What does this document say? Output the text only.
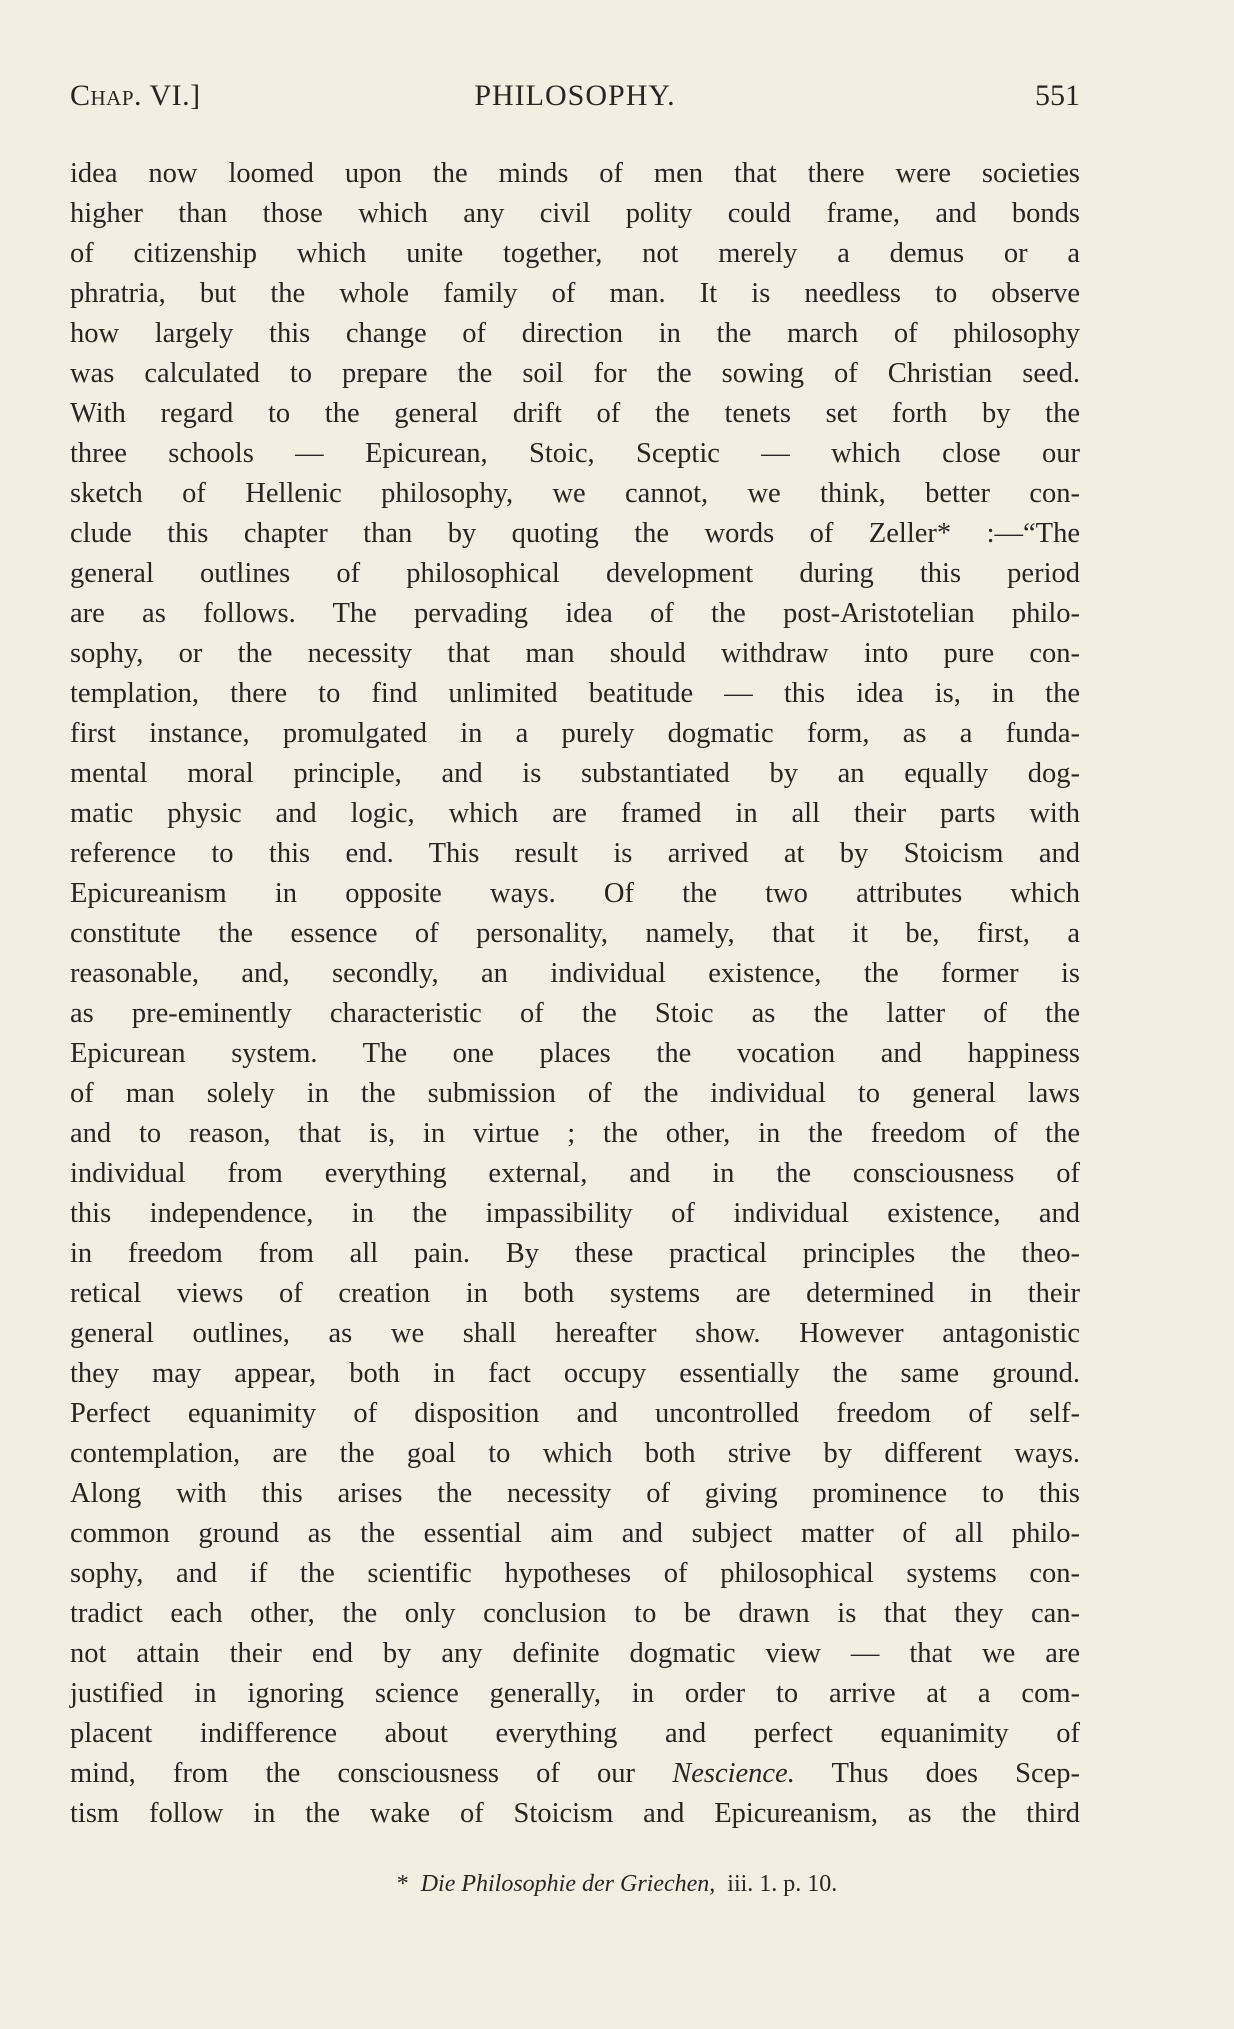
Chap. VI.]	PHILOSOPHY.	551
idea now loomed upon the minds of men that there were societies
higher than those which any civil polity could frame, and bonds
of citizenship which unite together, not merely a demus or a
phratria, but the whole family of man. It is needless to observe
how largely this change of direction in the march of philosophy
was calculated to prepare the soil for the sowing of Christian seed.
With regard to the general drift of the tenets set forth by the
three schools — Epicurean, Stoic, Sceptic — which close our
sketch of Hellenic philosophy, we cannot, we think, better con-
clude this chapter than by quoting the words of Zeller* :—“The
general outlines of philosophical development during this period
are as follows. The pervading idea of the post-Aristotelian philo-
sophy, or the necessity that man should withdraw into pure con-
templation, there to find unlimited beatitude — this idea is, in the
first instance, promulgated in a purely dogmatic form, as a funda-
mental moral principle, and is substantiated by an equally dog-
matic physic and logic, which are framed in all their parts with
reference to this end. This result is arrived at by Stoicism and
Epicureanism in opposite ways. Of the two attributes which
constitute the essence of personality, namely, that it be, first, a
reasonable, and, secondly, an individual existence, the former is
as pre-eminently characteristic of the Stoic as the latter of the
Epicurean system. The one places the vocation and happiness
of man solely in the submission of the individual to general laws
and to reason, that is, in virtue ; the other, in the freedom of the
individual from everything external, and in the consciousness of
this independence, in the impassibility of individual existence, and
in freedom from all pain. By these practical principles the theo-
retical views of creation in both systems are determined in their
general outlines, as we shall hereafter show. However antagonistic
they may appear, both in fact occupy essentially the same ground.
Perfect equanimity of disposition and uncontrolled freedom of self-
contemplation, are the goal to which both strive by different ways.
Along with this arises the necessity of giving prominence to this
common ground as the essential aim and subject matter of all philo-
sophy, and if the scientific hypotheses of philosophical systems con-
tradict each other, the only conclusion to be drawn is that they can-
not attain their end by any definite dogmatic view — that we are
justified in ignoring science generally, in order to arrive at a com-
placent indifference about everything and perfect equanimity of
mind, from the consciousness of our Nescience. Thus does Scep-
tism follow in the wake of Stoicism and Epicureanism, as the third
* Die Philosophie der Griechen, iii. 1. p. 10.
